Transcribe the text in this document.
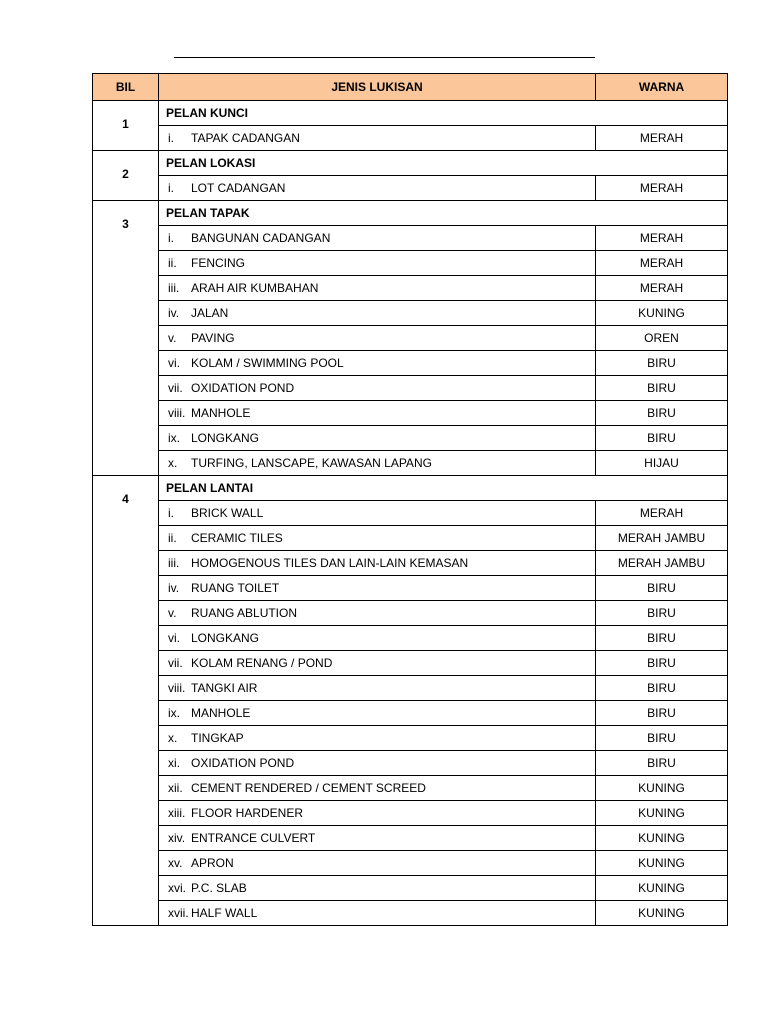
BIL	JENIS LUKISAN	WARNA
1	PELAN KUNCI	
	i. TAPAK CADANGAN	MERAH
2	PELAN LOKASI	
	i. LOT CADANGAN	MERAH
3	PELAN TAPAK	
	i. BANGUNAN CADANGAN	MERAH
	ii. FENCING	MERAH
	iii. ARAH AIR KUMBAHAN	MERAH
	iv. JALAN	KUNING
	v. PAVING	OREN
	vi. KOLAM / SWIMMING POOL	BIRU
	vii. OXIDATION POND	BIRU
	viii. MANHOLE	BIRU
	ix. LONGKANG	BIRU
	x. TURFING, LANSCAPE, KAWASAN LAPANG	HIJAU
4	PELAN LANTAI	
	i. BRICK WALL	MERAH
	ii. CERAMIC TILES	MERAH JAMBU
	iii. HOMOGENOUS TILES DAN LAIN-LAIN KEMASAN	MERAH JAMBU
	iv. RUANG TOILET	BIRU
	v. RUANG ABLUTION	BIRU
	vi. LONGKANG	BIRU
	vii. KOLAM RENANG / POND	BIRU
	viii. TANGKI AIR	BIRU
	ix. MANHOLE	BIRU
	x. TINGKAP	BIRU
	xi. OXIDATION POND	BIRU
	xii. CEMENT RENDERED / CEMENT SCREED	KUNING
	xiii. FLOOR HARDENER	KUNING
	xiv. ENTRANCE CULVERT	KUNING
	xv. APRON	KUNING
	xvi. P.C. SLAB	KUNING
	xvii. HALF WALL	KUNING
